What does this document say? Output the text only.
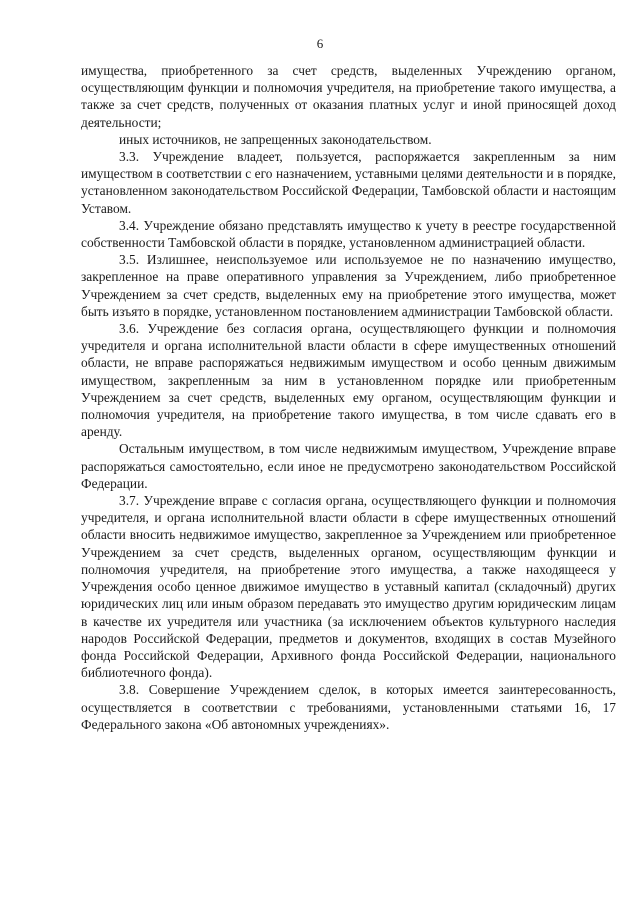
6

имущества, приобретенного за счет средств, выделенных Учреждению органом, осуществляющим функции и полномочия учредителя, на приобретение такого имущества, а также за счет средств, полученных от оказания платных услуг и иной приносящей доход деятельности;

иных источников, не запрещенных законодательством.

3.3. Учреждение владеет, пользуется, распоряжается закрепленным за ним имуществом в соответствии с его назначением, уставными целями деятельности и в порядке, установленном законодательством Российской Федерации, Тамбовской области и настоящим Уставом.

3.4. Учреждение обязано представлять имущество к учету в реестре государственной собственности Тамбовской области в порядке, установленном администрацией области.

3.5. Излишнее, неиспользуемое или используемое не по назначению имущество, закрепленное на праве оперативного управления за Учреждением, либо приобретенное Учреждением за счет средств, выделенных ему на приобретение этого имущества, может быть изъято в порядке, установленном постановлением администрации Тамбовской области.

3.6. Учреждение без согласия органа, осуществляющего функции и полномочия учредителя и органа исполнительной власти области в сфере имущественных отношений области, не вправе распоряжаться недвижимым имуществом и особо ценным движимым имуществом, закрепленным за ним в установленном порядке или приобретенным Учреждением за счет средств, выделенных ему органом, осуществляющим функции и полномочия учредителя, на приобретение такого имущества, в том числе сдавать его в аренду.

Остальным имуществом, в том числе недвижимым имуществом, Учреждение вправе распоряжаться самостоятельно, если иное не предусмотрено законодательством Российской Федерации.

3.7. Учреждение вправе с согласия органа, осуществляющего функции и полномочия учредителя, и органа исполнительной власти области в сфере имущественных отношений области вносить недвижимое имущество, закрепленное за Учреждением или приобретенное Учреждением за счет средств, выделенных органом, осуществляющим функции и полномочия учредителя, на приобретение этого имущества, а также находящееся у Учреждения особо ценное движимое имущество в уставный капитал (складочный) других юридических лиц или иным образом передавать это имущество другим юридическим лицам в качестве их учредителя или участника (за исключением объектов культурного наследия народов Российской Федерации, предметов и документов, входящих в состав Музейного фонда Российской Федерации, Архивного фонда Российской Федерации, национального библиотечного фонда).

3.8. Совершение Учреждением сделок, в которых имеется заинтересованность, осуществляется в соответствии с требованиями, установленными статьями 16, 17 Федерального закона «Об автономных учреждениях».
